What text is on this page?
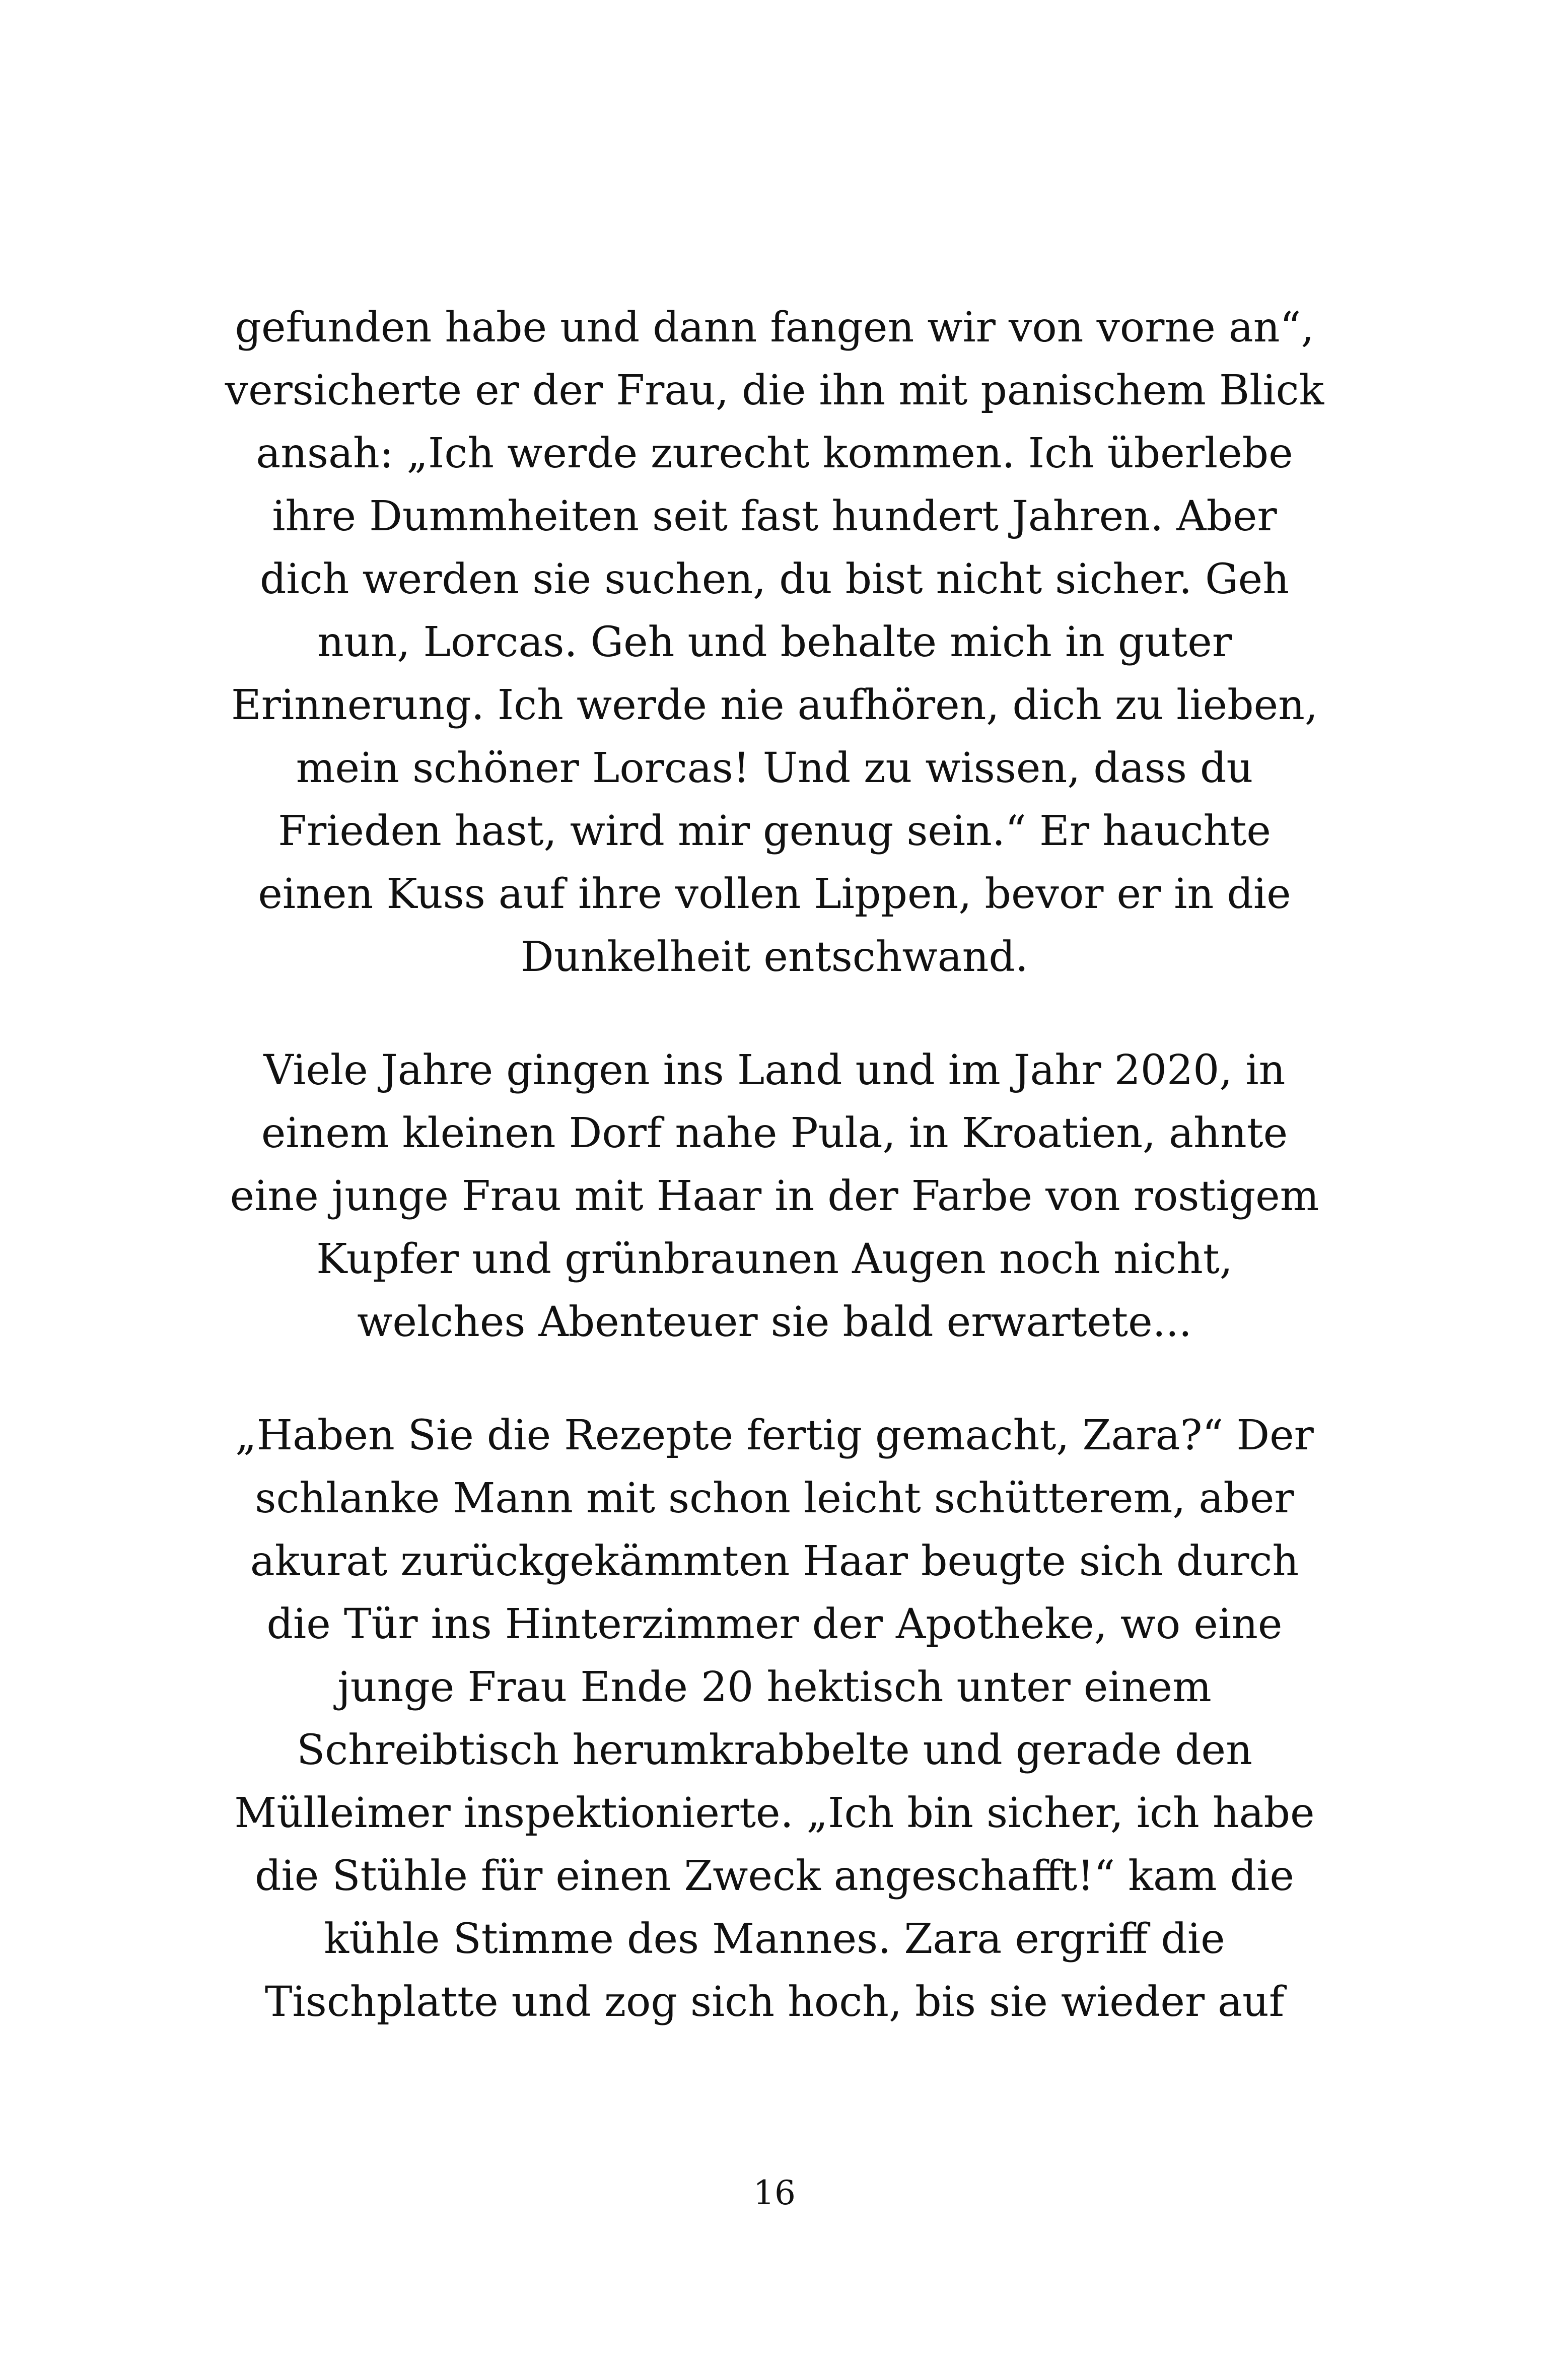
gefunden habe und dann fangen wir von vorne an“,
versicherte er der Frau, die ihn mit panischem Blick
ansah: „Ich werde zurecht kommen. Ich überlebe
ihre Dummheiten seit fast hundert Jahren. Aber
dich werden sie suchen, du bist nicht sicher. Geh
nun, Lorcas. Geh und behalte mich in guter
Erinnerung. Ich werde nie aufhören, dich zu lieben,
mein schöner Lorcas! Und zu wissen, dass du
Frieden hast, wird mir genug sein.“ Er hauchte
einen Kuss auf ihre vollen Lippen, bevor er in die
Dunkelheit entschwand.
Viele Jahre gingen ins Land und im Jahr 2020, in
einem kleinen Dorf nahe Pula, in Kroatien, ahnte
eine junge Frau mit Haar in der Farbe von rostigem
Kupfer und grünbraunen Augen noch nicht,
welches Abenteuer sie bald erwartete...
„Haben Sie die Rezepte fertig gemacht, Zara?“ Der
schlanke Mann mit schon leicht schütterem, aber
akurat zurückgekämmten Haar beugte sich durch
die Tür ins Hinterzimmer der Apotheke, wo eine
junge Frau Ende 20 hektisch unter einem
Schreibtisch herumkrabbelte und gerade den
Mülleimer inspektionierte. „Ich bin sicher, ich habe
die Stühle für einen Zweck angeschafft!“ kam die
kühle Stimme des Mannes. Zara ergriff die
Tischplatte und zog sich hoch, bis sie wieder auf
16
